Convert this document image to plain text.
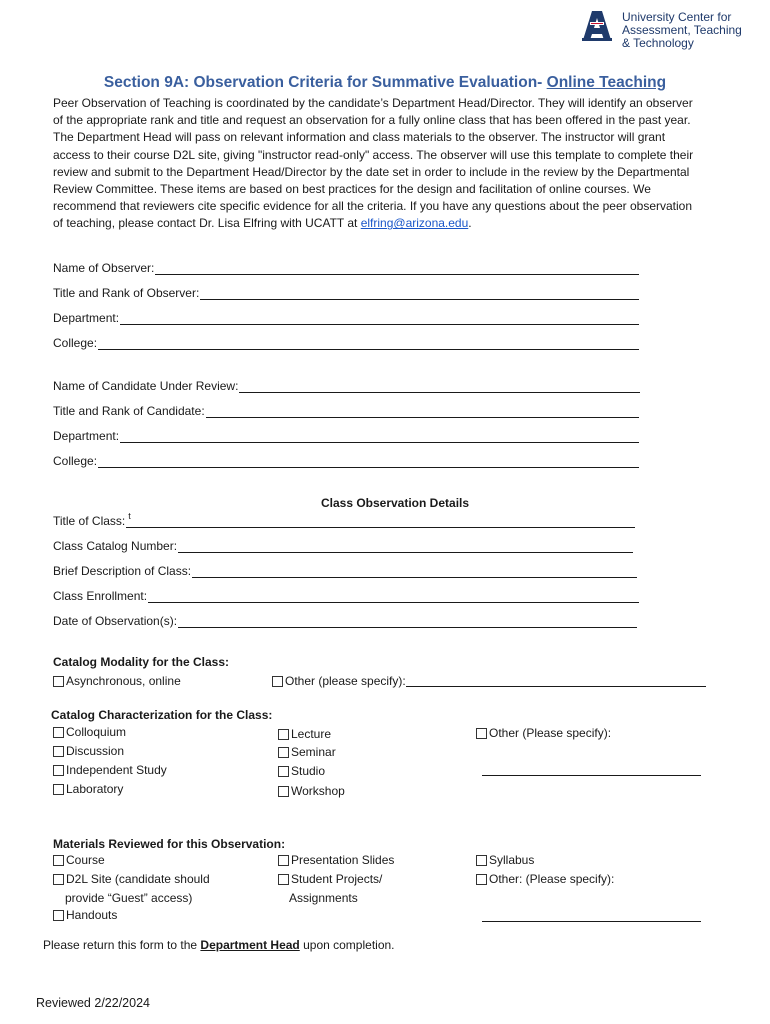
University Center for
Assessment, Teaching
& Technology
Section 9A: Observation Criteria for Summative Evaluation- Online Teaching
Peer Observation of Teaching is coordinated by the candidate’s Department Head/Director. They will identify an observer of the appropriate rank and title and request an observation for a fully online class that has been offered in the past year. The Department Head will pass on relevant information and class materials to the observer. The instructor will grant access to their course D2L site, giving "instructor read-only" access. The observer will use this template to complete their review and submit to the Department Head/Director by the date set in order to include in the review by the Departmental Review Committee. These items are based on best practices for the design and facilitation of online courses. We recommend that reviewers cite specific evidence for all the criteria. If you have any questions about the peer observation of teaching, please contact Dr. Lisa Elfring with UCATT at elfring@arizona.edu.
Name of Observer:
Title and Rank of Observer:
Department:
College:
Name of Candidate Under Review:
Title and Rank of Candidate:
Department:
College:
Class Observation Details
Title of Class: t
Class Catalog Number:
Brief Description of Class:
Class Enrollment:
Date of Observation(s):
Catalog Modality for the Class:
Asynchronous, online	Other (please specify):
Catalog Characterization for the Class:
Colloquium
Discussion
Independent Study
Laboratory
Lecture
Seminar
Studio
Workshop
Other (Please specify):
Materials Reviewed for this Observation:
Course
D2L Site (candidate should
provide “Guest” access)
Handouts
Presentation Slides
Student Projects/
Assignments
Syllabus
Other: (Please specify):
Please return this form to the Department Head upon completion.
Reviewed 2/22/2024
